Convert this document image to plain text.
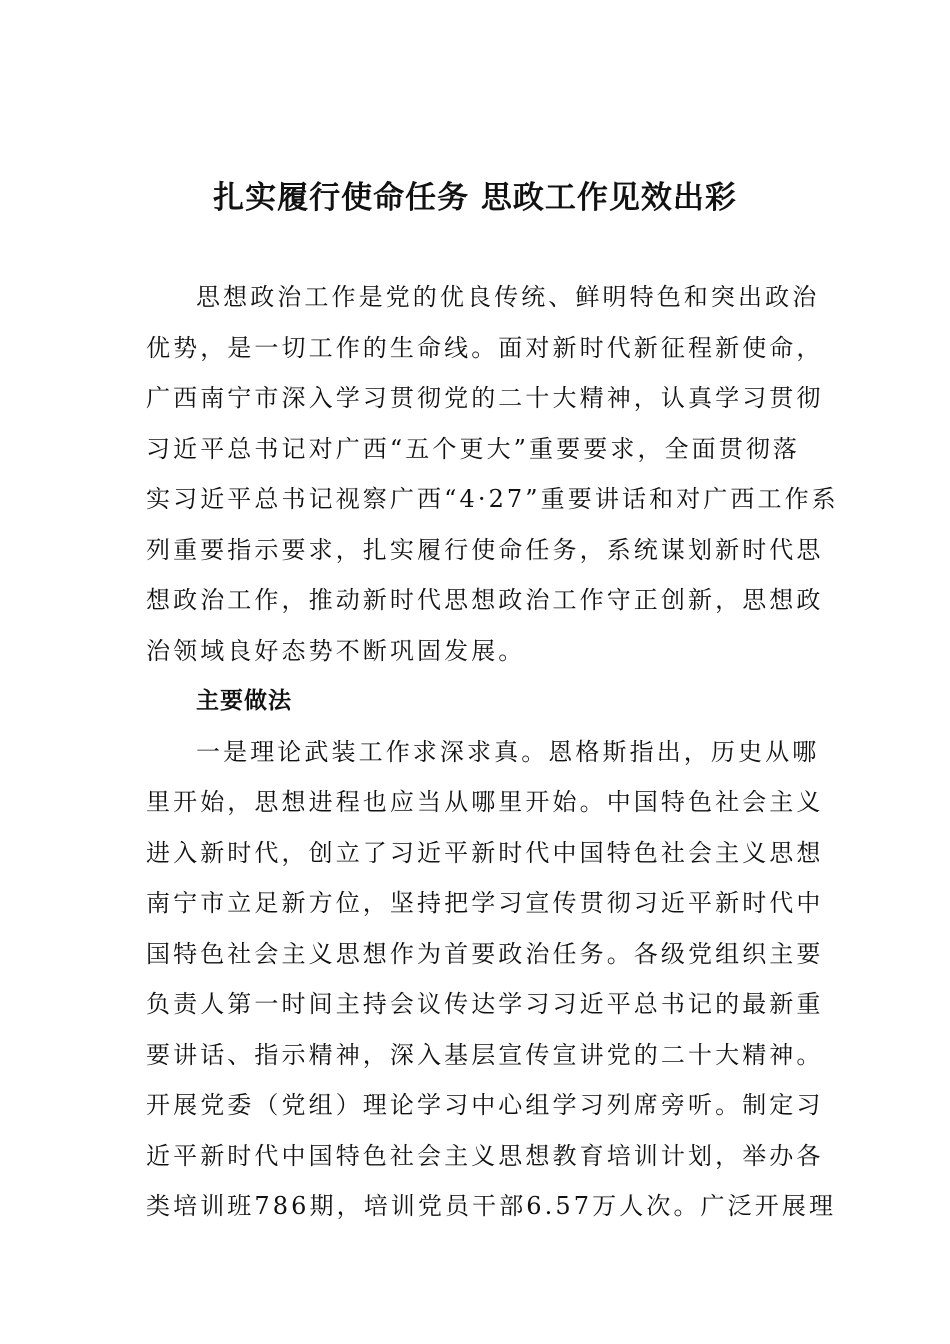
扎实履行使命任务 思政工作见效出彩
思想政治工作是党的优良传统、鲜明特色和突出政治
优势，是一切工作的生命线。面对新时代新征程新使命，
广西南宁市深入学习贯彻党的二十大精神，认真学习贯彻
习近平总书记对广西“五个更大”重要要求，全面贯彻落
实习近平总书记视察广西“4·27”重要讲话和对广西工作系
列重要指示要求，扎实履行使命任务，系统谋划新时代思
想政治工作，推动新时代思想政治工作守正创新，思想政
治领域良好态势不断巩固发展。
主要做法
一是理论武装工作求深求真。恩格斯指出，历史从哪
里开始，思想进程也应当从哪里开始。中国特色社会主义
进入新时代，创立了习近平新时代中国特色社会主义思想
南宁市立足新方位，坚持把学习宣传贯彻习近平新时代中
国特色社会主义思想作为首要政治任务。各级党组织主要
负责人第一时间主持会议传达学习习近平总书记的最新重
要讲话、指示精神，深入基层宣传宣讲党的二十大精神。
开展党委（党组）理论学习中心组学习列席旁听。制定习
近平新时代中国特色社会主义思想教育培训计划，举办各
类培训班786期，培训党员干部6.57万人次。广泛开展理
